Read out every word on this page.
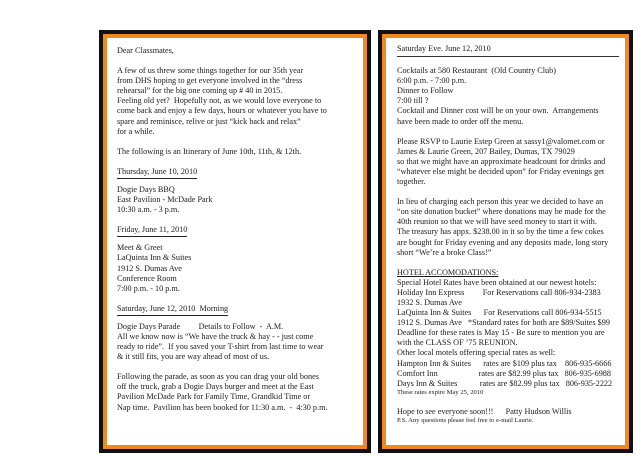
Dear Classmates,
A few of us threw some things together for our 35th year
from DHS hoping to get everyone involved in the “dress
rehearsal” for the big one coming up # 40 in 2015.
Feeling old yet?  Hopefully not, as we would love everyone to
come back and enjoy a few days, hours or whatever you have to
spare and reminisce, relive or just “kick back and relax”
for a while.
The following is an Itinerary of June 10th, 11th, & 12th.
Thursday, June 10, 2010
Dogie Days BBQ
East Pavilion - McDade Park
10:30 a.m. - 3 p.m.
Friday, June 11, 2010
Meet & Greet
LaQuinta Inn & Suites
1912 S. Dumas Ave
Conference Room
7:00 p.m. - 10 p.m.
Saturday, June 12, 2010  Morning
Dogie Days Parade         Details to Follow  -  A.M.
All we know now is “We have the truck & hay - - just come
ready to ride”.  If you saved your T-shirt from last time to wear
& it still fits, you are way ahead of most of us.
Following the parade, as soon as you can drag your old bones
off the truck, grab a Dogie Days burger and meet at the East
Pavilion McDade Park for Family Time, Grandkid Time or
Nap time.  Pavilion has been booked for 11:30 a.m.  -  4:30 p.m.
Saturday Eve. June 12, 2010
Cocktails at 580 Restaurant  (Old Country Club)
6:00 p.m. - 7:00 p.m.
Dinner to Follow
7:00 till ?
Cocktail and Dinner cost will be on your own.  Arrangements
have been made to order off the menu.
Please RSVP to Laurie Estep Green at sassy1@valomet.com or
James & Laurie Green, 207 Bailey, Dumas, TX 79029
so that we might have an approximate headcount for drinks and
“whatever else might be decided upon” for Friday evenings get
together.
In lieu of charging each person this year we decided to have an
“on site donation bucket” where donations may be made for the
40th reunion so that we will have seed money to start it with.
The treasury has appx. $238.00 in it so by the time a few cokes
are bought for Friday evening and any deposits made, long story
short “We’re a broke Class!”
HOTEL ACCOMODATIONS:
Special Hotel Rates have been obtained at our newest hotels:
Holiday Inn Express         For Reservations call 806-934-2383
1932 S. Dumas Ave
LaQuinta Inn & Suites      For Reservations call 806-934-5515
1912 S. Dumas Ave   *Standard rates for both are $89/Suites $99
Deadline for these rates is May 15 - Be sure to mention you are
with the CLASS OF ’75 REUNION.
Other local motels offering special rates as well:
Hampton Inn & Suites      rates are $109 plus tax    806-935-6666
Comfort Inn                    rates are $82.99 plus tax   806-935-6988
Days Inn & Suites           rates are $82.99 plus tax   806-935-2222
These rates expire May 25, 2010
Hope to see everyone soon!!!      Patty Hudson Willis
P.S. Any questions please feel free to e-mail Laurie.
